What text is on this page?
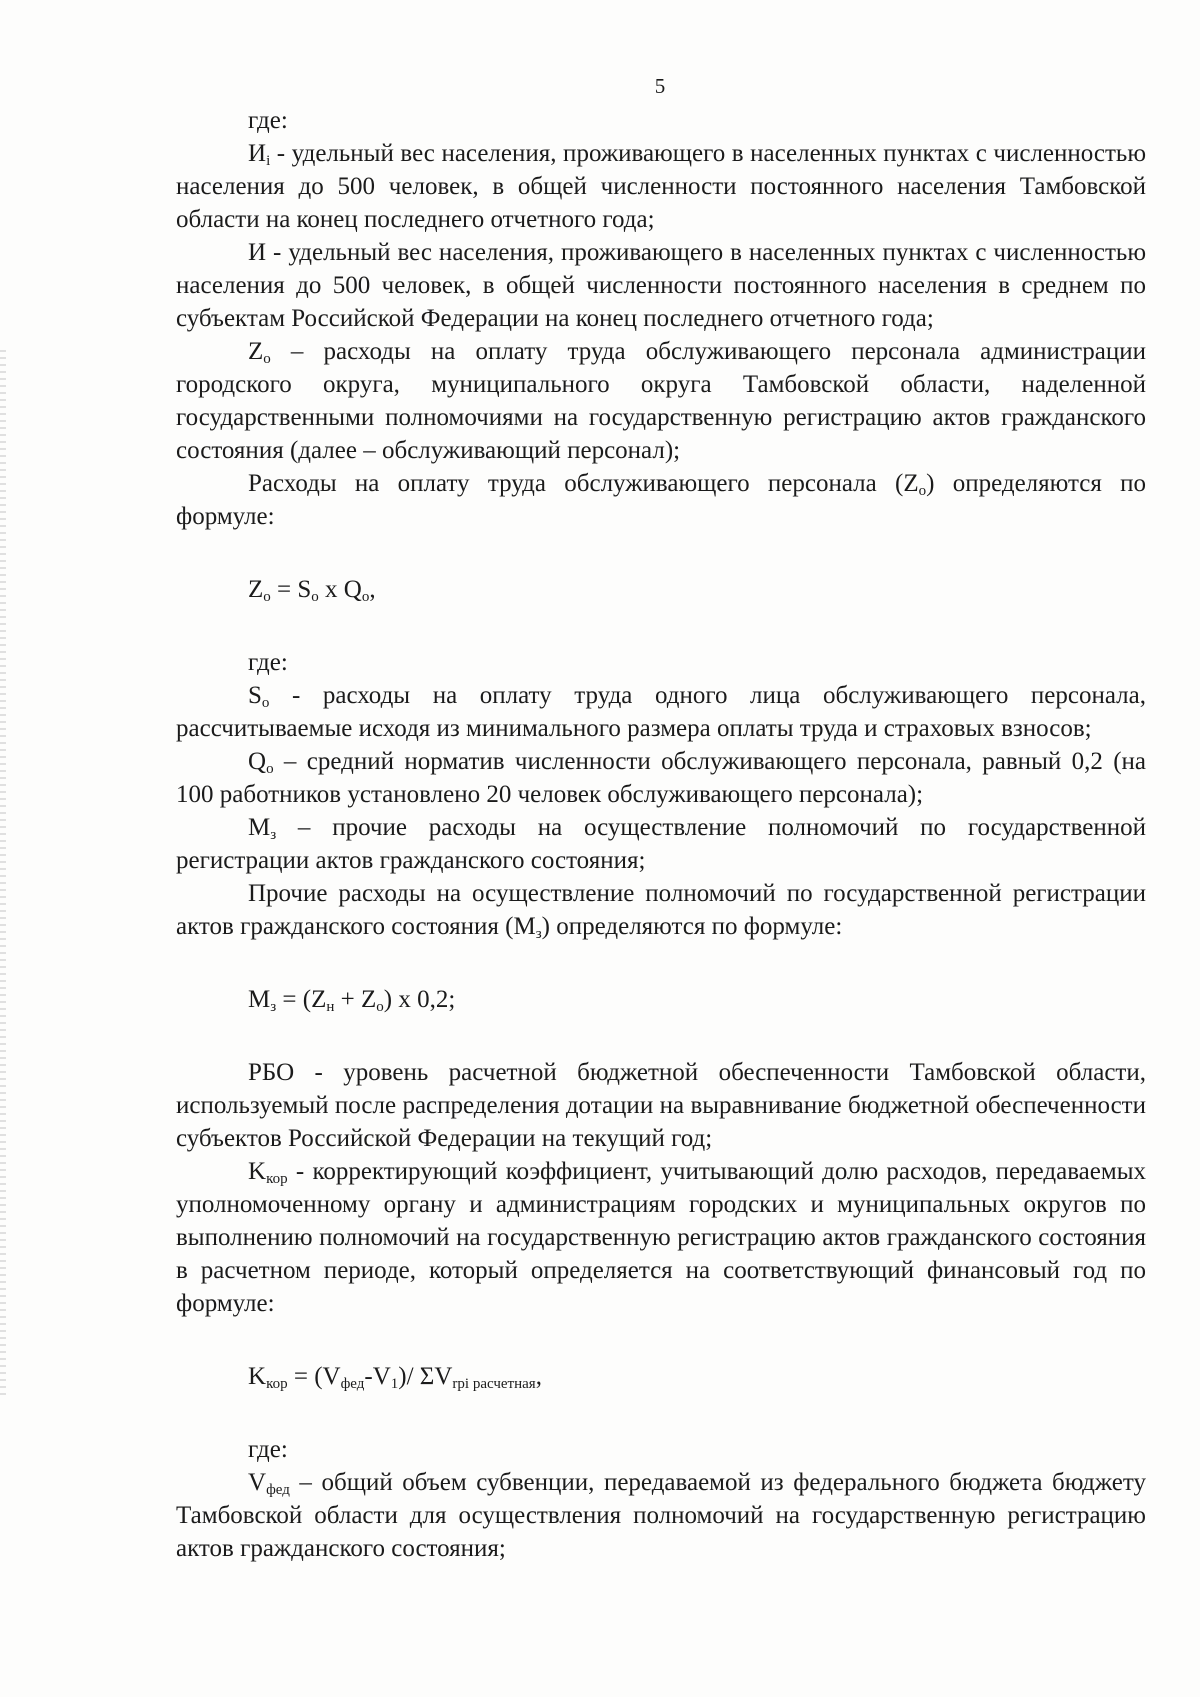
5

где:

$И_i$ - удельный вес населения, проживающего в населенных пунктах с численностью населения до 500 человек, в общей численности постоянного населения Тамбовской области на конец последнего отчетного года;

И - удельный вес населения, проживающего в населенных пунктах с численностью населения до 500 человек, в общей численности постоянного населения в среднем по субъектам Российской Федерации на конец последнего отчетного года;

$Z_o$ – расходы на оплату труда обслуживающего персонала администрации городского округа, муниципального округа Тамбовской области, наделенной государственными полномочиями на государственную регистрацию актов гражданского состояния (далее – обслуживающий персонал);

Расходы на оплату труда обслуживающего персонала $(Z_o)$ определяются по формуле:

$Z_o = S_o$ x $Q_o$,

где:

$S_o$ - расходы на оплату труда одного лица обслуживающего персонала, рассчитываемые исходя из минимального размера оплаты труда и страховых взносов;

$Q_o$ – средний норматив численности обслуживающего персонала, равный 0,2 (на 100 работников установлено 20 человек обслуживающего персонала);

$M_з$ – прочие расходы на осуществление полномочий по государственной регистрации актов гражданского состояния;

Прочие расходы на осуществление полномочий по государственной регистрации актов гражданского состояния $(M_з)$ определяются по формуле:

$M_з = (Z_н + Z_o)$ x 0,2;

РБО - уровень расчетной бюджетной обеспеченности Тамбовской области, используемый после распределения дотации на выравнивание бюджетной обеспеченности субъектов Российской Федерации на текущий год;

$K_{кор}$ - корректирующий коэффициент, учитывающий долю расходов, передаваемых уполномоченному органу и администрациям городских и муниципальных округов по выполнению полномочий на государственную регистрацию актов гражданского состояния в расчетном периоде, который определяется на соответствующий финансовый год по формуле:

$K_{кор} = (V_{фед}-V_1)/$ $\Sigma V_{rpi расчетная}$,

где:

$V_{фед}$ – общий объем субвенции, передаваемой из федерального бюджета бюджету Тамбовской области для осуществления полномочий на государственную регистрацию актов гражданского состояния;
